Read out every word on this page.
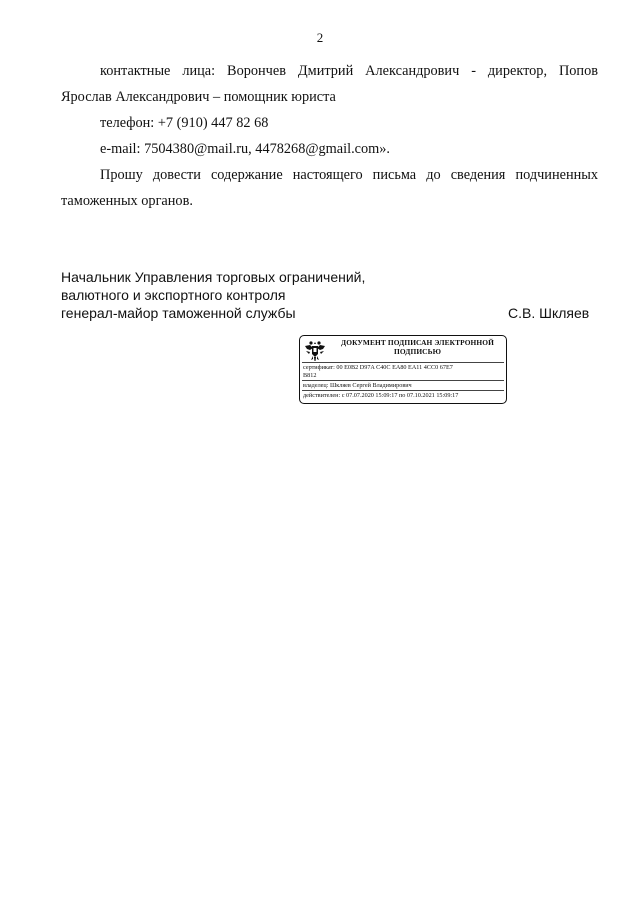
2
контактные лица: Ворончев Дмитрий Александрович - директор, Попов
Ярослав Александрович – помощник юриста
телефон: +7 (910) 447 82 68
e-mail: 7504380@mail.ru, 4478268@gmail.com».
Прошу довести содержание настоящего письма до сведения подчиненных
таможенных органов.
Начальник Управления торговых ограничений,
валютного и экспортного контроля
генерал-майор таможенной службы	С.В. Шкляев
ДОКУМЕНТ ПОДПИСАН ЭЛЕКТРОННОЙ ПОДПИСЬЮ
сертификат: 00 E0B2 D97A C40C EA80 EA11 4CC0 67E7
B812
владелец: Шкляев Сергей Владимирович
действителен: с 07.07.2020 15:09:17 по 07.10.2021 15:09:17
